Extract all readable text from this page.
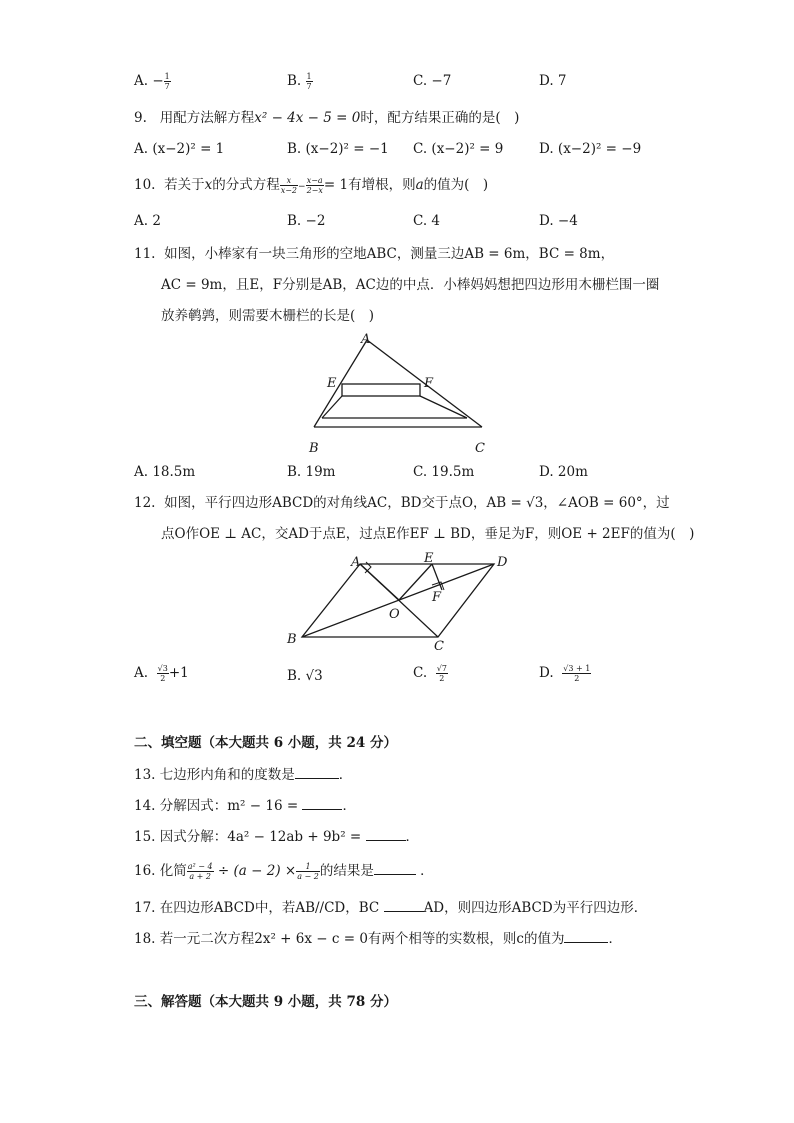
A. − $\frac{1}{7}$	B. $\frac{1}{7}$	C. −7	D. 7
9. 用配方法解方程x² − 4x − 5 = 0时，配方结果正确的是(　)
A. (x−2)² = 1	B. (x−2)² = −1 C. (x−2)² = 9	D. (x−2)² = −9
10. 若关于x的分式方程 $\frac{x}{x-2} - \frac{x-a}{2-x} = 1$有增根，则a的值为(　)
A. 2	B. −2	C. 4	D. −4
11. 如图，小棒家有一块三角形的空地ABC，测量三边AB = 6m，BC = 8m，
AC = 9m，且E，F分别是AB，AC边的中点．小棒妈妈想把四边形用木栅栏围一圈
放养鹌鹑，则需要木栅栏的长是(　)
A
E	F
B	C
A. 18.5m	B. 19m	C. 19.5m	D. 20m
12. 如图，平行四边形ABCD的对角线AC，BD交于点O，AB = √3，∠AOB = 60°，过
点O作OE ⊥ AC，交AD于点E，过点E作EF ⊥ BD，垂足为F，则OE + 2EF的值为(　)
A	E	D
F
O
B	C
A. $\frac{√3}{2} +1$	B. √3	C. $\frac{√7}{2}$	D. $\frac{√3 + 1}{2}$
二、填空题（本大题共 6 小题，共 24 分）
13. 七边形内角和的度数是	．
14. 分解因式：m² − 16 =	．
15. 因式分解：4a² − 12ab + 9b² =	．
16. 化简 $\frac{\text{a² − 4}}{a + 2} \div (a - 2) \times \frac{1}{a - 2}$ 的结果是	．
17. 在四边形ABCD中，若AB//CD，BC	AD，则四边形ABCD为平行四边形．
18. 若一元二次方程2x² + 6x − c = 0有两个相等的实数根，则c的值为	．
三、解答题（本大题共 9 小题，共 78 分）
